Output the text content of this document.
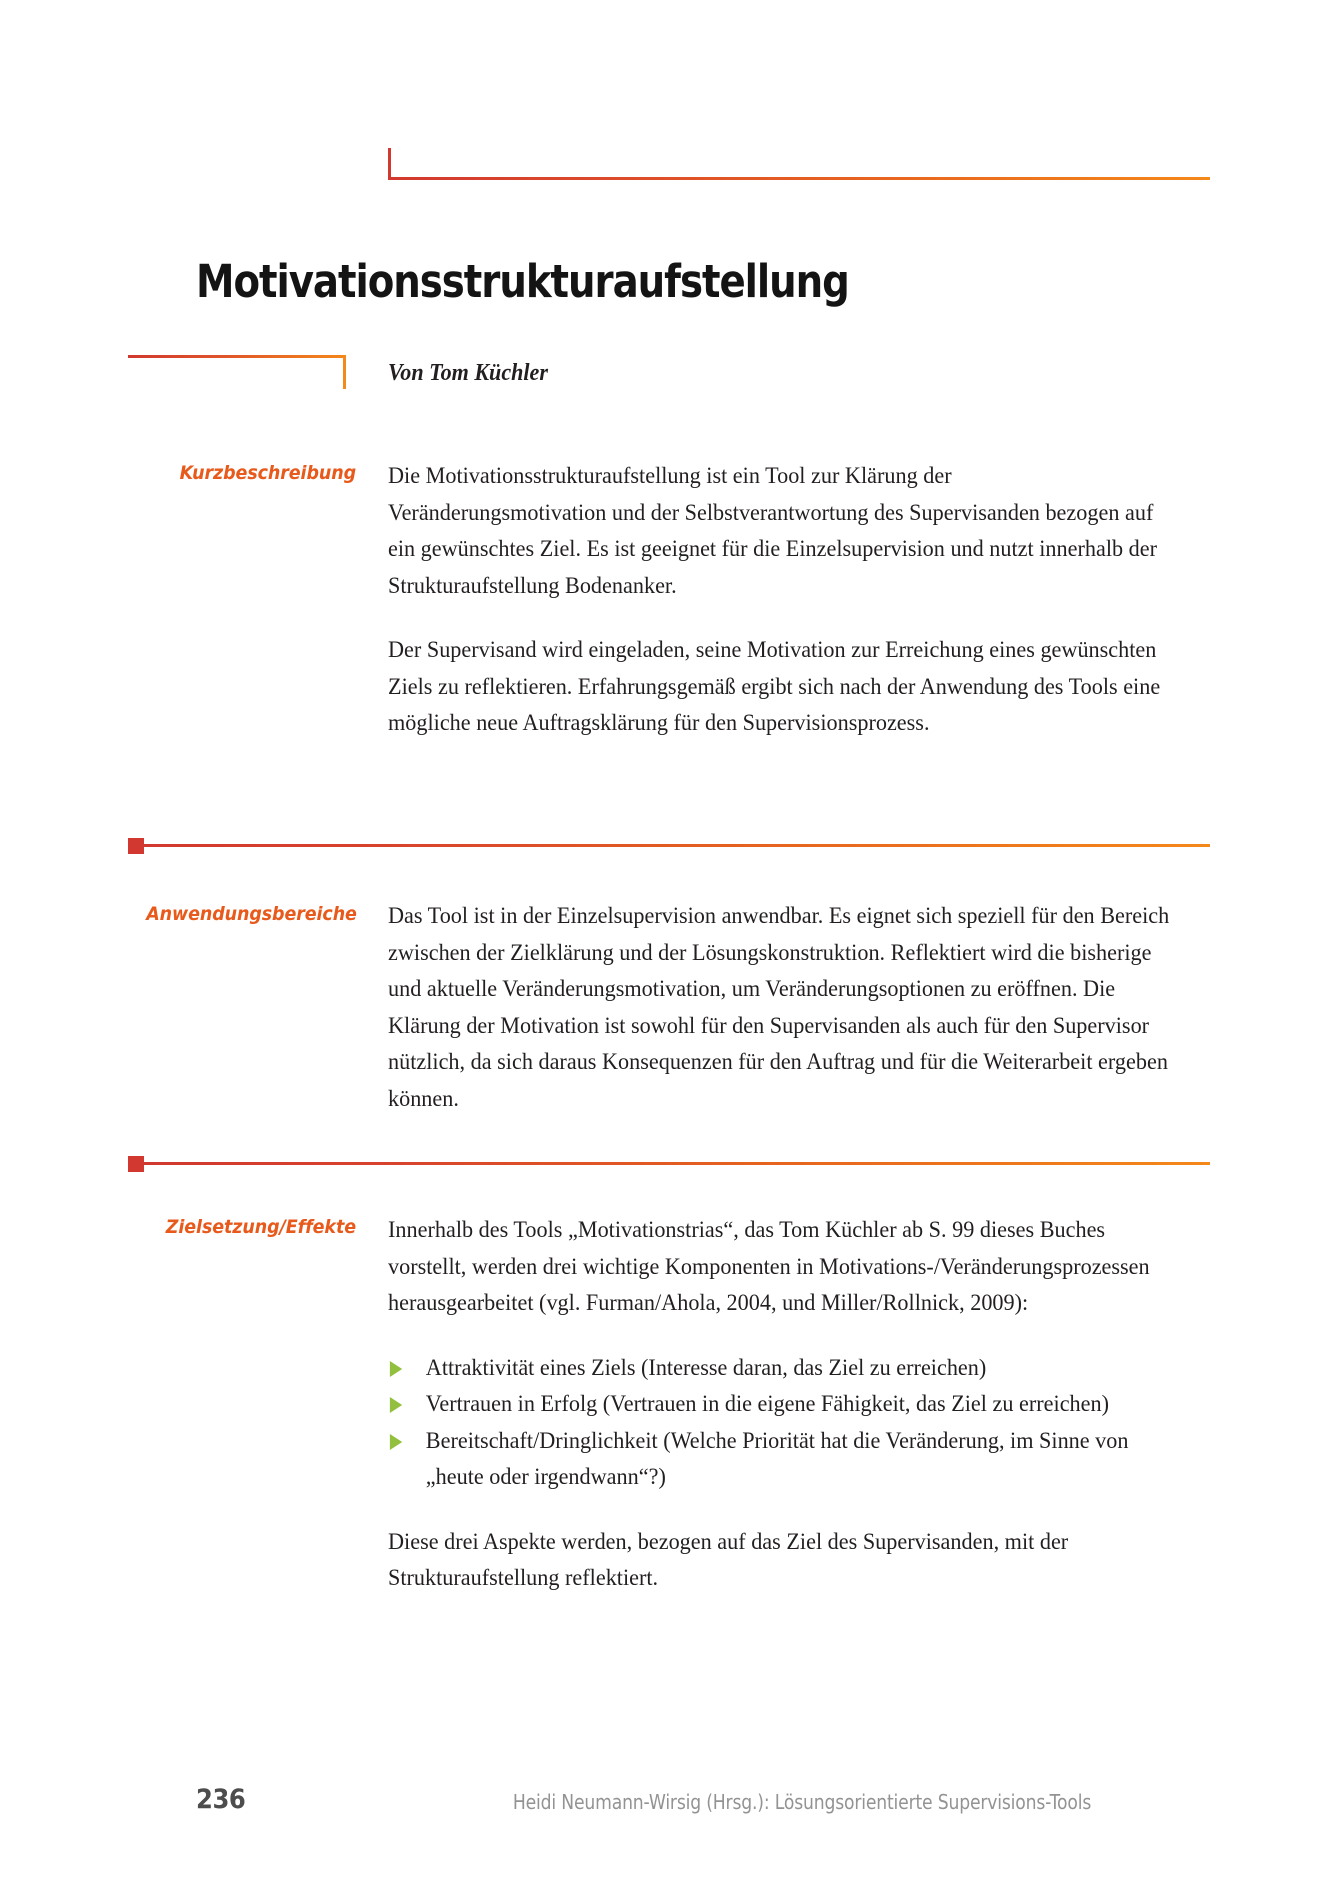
Motivationsstrukturaufstellung
Von Tom Küchler
Kurzbeschreibung Die Motivationsstrukturaufstellung ist ein Tool zur Klärung der Veränderungsmotivation und der Selbstverantwortung des Supervisanden bezogen auf ein gewünschtes Ziel. Es ist geeignet für die Einzelsupervision und nutzt innerhalb der Strukturaufstellung Bodenanker.

Der Supervisand wird eingeladen, seine Motivation zur Erreichung eines gewünschten Ziels zu reflektieren. Erfahrungsgemäß ergibt sich nach der Anwendung des Tools eine mögliche neue Auftragsklärung für den Supervisionsprozess.

Anwendungsbereiche Das Tool ist in der Einzelsupervision anwendbar. Es eignet sich speziell für den Bereich zwischen der Zielklärung und der Lösungskonstruktion. Reflektiert wird die bisherige und aktuelle Veränderungsmotivation, um Veränderungsoptionen zu eröffnen. Die Klärung der Motivation ist sowohl für den Supervisanden als auch für den Supervisor nützlich, da sich daraus Konsequenzen für den Auftrag und für die Weiterarbeit ergeben können.

Zielsetzung/Effekte Innerhalb des Tools „Motivationstrias“, das Tom Küchler ab S. 99 dieses Buches vorstellt, werden drei wichtige Komponenten in Motivations-/Veränderungsprozessen herausgearbeitet (vgl. Furman/Ahola, 2004, und Miller/Rollnick, 2009):

Attraktivität eines Ziels (Interesse daran, das Ziel zu erreichen)
Vertrauen in Erfolg (Vertrauen in die eigene Fähigkeit, das Ziel zu erreichen)
Bereitschaft/Dringlichkeit (Welche Priorität hat die Veränderung, im Sinne von „heute oder irgendwann“?)

Diese drei Aspekte werden, bezogen auf das Ziel des Supervisanden, mit der Strukturaufstellung reflektiert.

236	Heidi Neumann-Wirsig (Hrsg.): Lösungsorientierte Supervisions-Tools
